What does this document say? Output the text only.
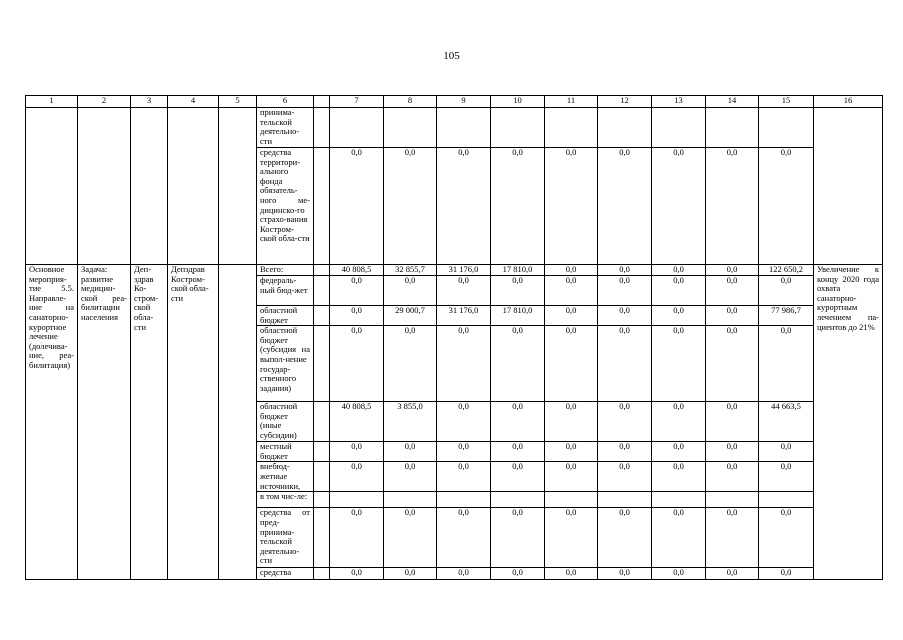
105
1	2	3	4	5	6		7	8	9	10	11	12	13	14	15	16
					принима-тельской деятельно-сти											
					средства территори-ального фонда обязатель-ного ме-дицинско-го страхо-вания Костром-ской обла-сти		0,0	0,0	0,0	0,0	0,0	0,0	0,0	0,0	0,0	
Основное мероприя-тие 5.5. Направле-ние на санаторно-курортное лечение (долечива-ние, реа-билитация)	Задача: развитие медицин-ской реа-билитации населения	Деп-здрав Ко-стром-ской обла-сти	Депздрав Костром-ской обла-сти		Всего:		40 808,5	32 855,7	31 176,0	17 810,0	0,0	0,0	0,0	0,0	122 650,2	Увеличение к концу 2020 года охвата санаторно-курортным лечением па-циентов до 21%
					федераль-ный бюд-жет		0,0	0,0	0,0	0,0	0,0	0,0	0,0	0,0	0,0	
					областной бюджет		0,0	29 000,7	31 176,0	17 810,0	0,0	0,0	0,0	0,0	77 986,7	
					областной бюджет (субсидия на выпол-нение государ-ственного задания)		0,0	0,0	0,0	0,0	0,0	0,0	0,0	0,0	0,0	
					областной бюджет (иные субсидии)		40 808,5	3 855,0	0,0	0,0	0,0	0,0	0,0	0,0	44 663,5	
					местный бюджет		0,0	0,0	0,0	0,0	0,0	0,0	0,0	0,0	0,0	
					внебюд-жетные источники,		0,0	0,0	0,0	0,0	0,0	0,0	0,0	0,0	0,0	
					в том чис-ле:											
					средства от пред-принима-тельской деятельно-сти		0,0	0,0	0,0	0,0	0,0	0,0	0,0	0,0	0,0	
					средства		0,0	0,0	0,0	0,0	0,0	0,0	0,0	0,0	0,0	
